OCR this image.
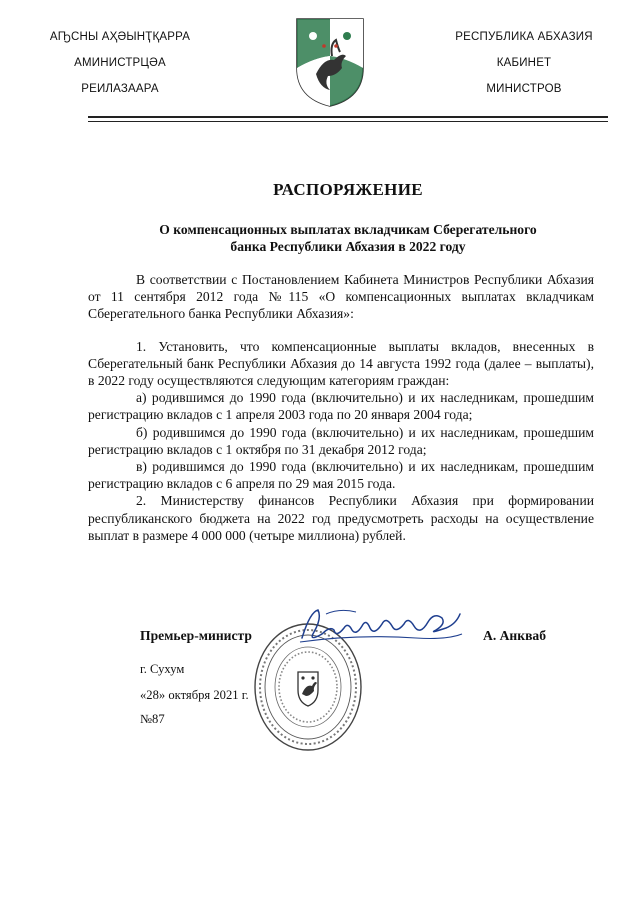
АҦСНЫ АҲӘЫНҬҚАРРА
АМИНИСТРЦӘА
РЕИЛАЗААРА
РЕСПУБЛИКА АБХАЗИЯ
КАБИНЕТ
МИНИСТРОВ
РАСПОРЯЖЕНИЕ
О компенсационных выплатах вкладчикам Сберегательного
банка Республики Абхазия в 2022 году

В соответствии с Постановлением Кабинета Министров Республики Абхазия от 11 сентября 2012 года №115 «О компенсационных выплатах вкладчикам Сберегательного банка Республики Абхазия»:

1. Установить, что компенсационные выплаты вкладов, внесенных в Сберегательный банк Республики Абхазия до 14 августа 1992 года (далее – выплаты), в 2022 году осуществляются следующим категориям граждан:

а) родившимся до 1990 года (включительно) и их наследникам, прошедшим регистрацию вкладов с 1 апреля 2003 года по 20 января 2004 года;

б) родившимся до 1990 года (включительно) и их наследникам, прошедшим регистрацию вкладов с 1 октября по 31 декабря 2012 года;

в) родившимся до 1990 года (включительно) и их наследникам, прошедшим регистрацию вкладов с 6 апреля по 29 мая 2015 года.

2. Министерству финансов Республики Абхазия при формировании республиканского бюджета на 2022 год предусмотреть расходы на осуществление выплат в размере 4 000 000 (четыре миллиона) рублей.

Премьер-министр	А. Анкваб
г. Сухум
«28» октября 2021 г.
№87
